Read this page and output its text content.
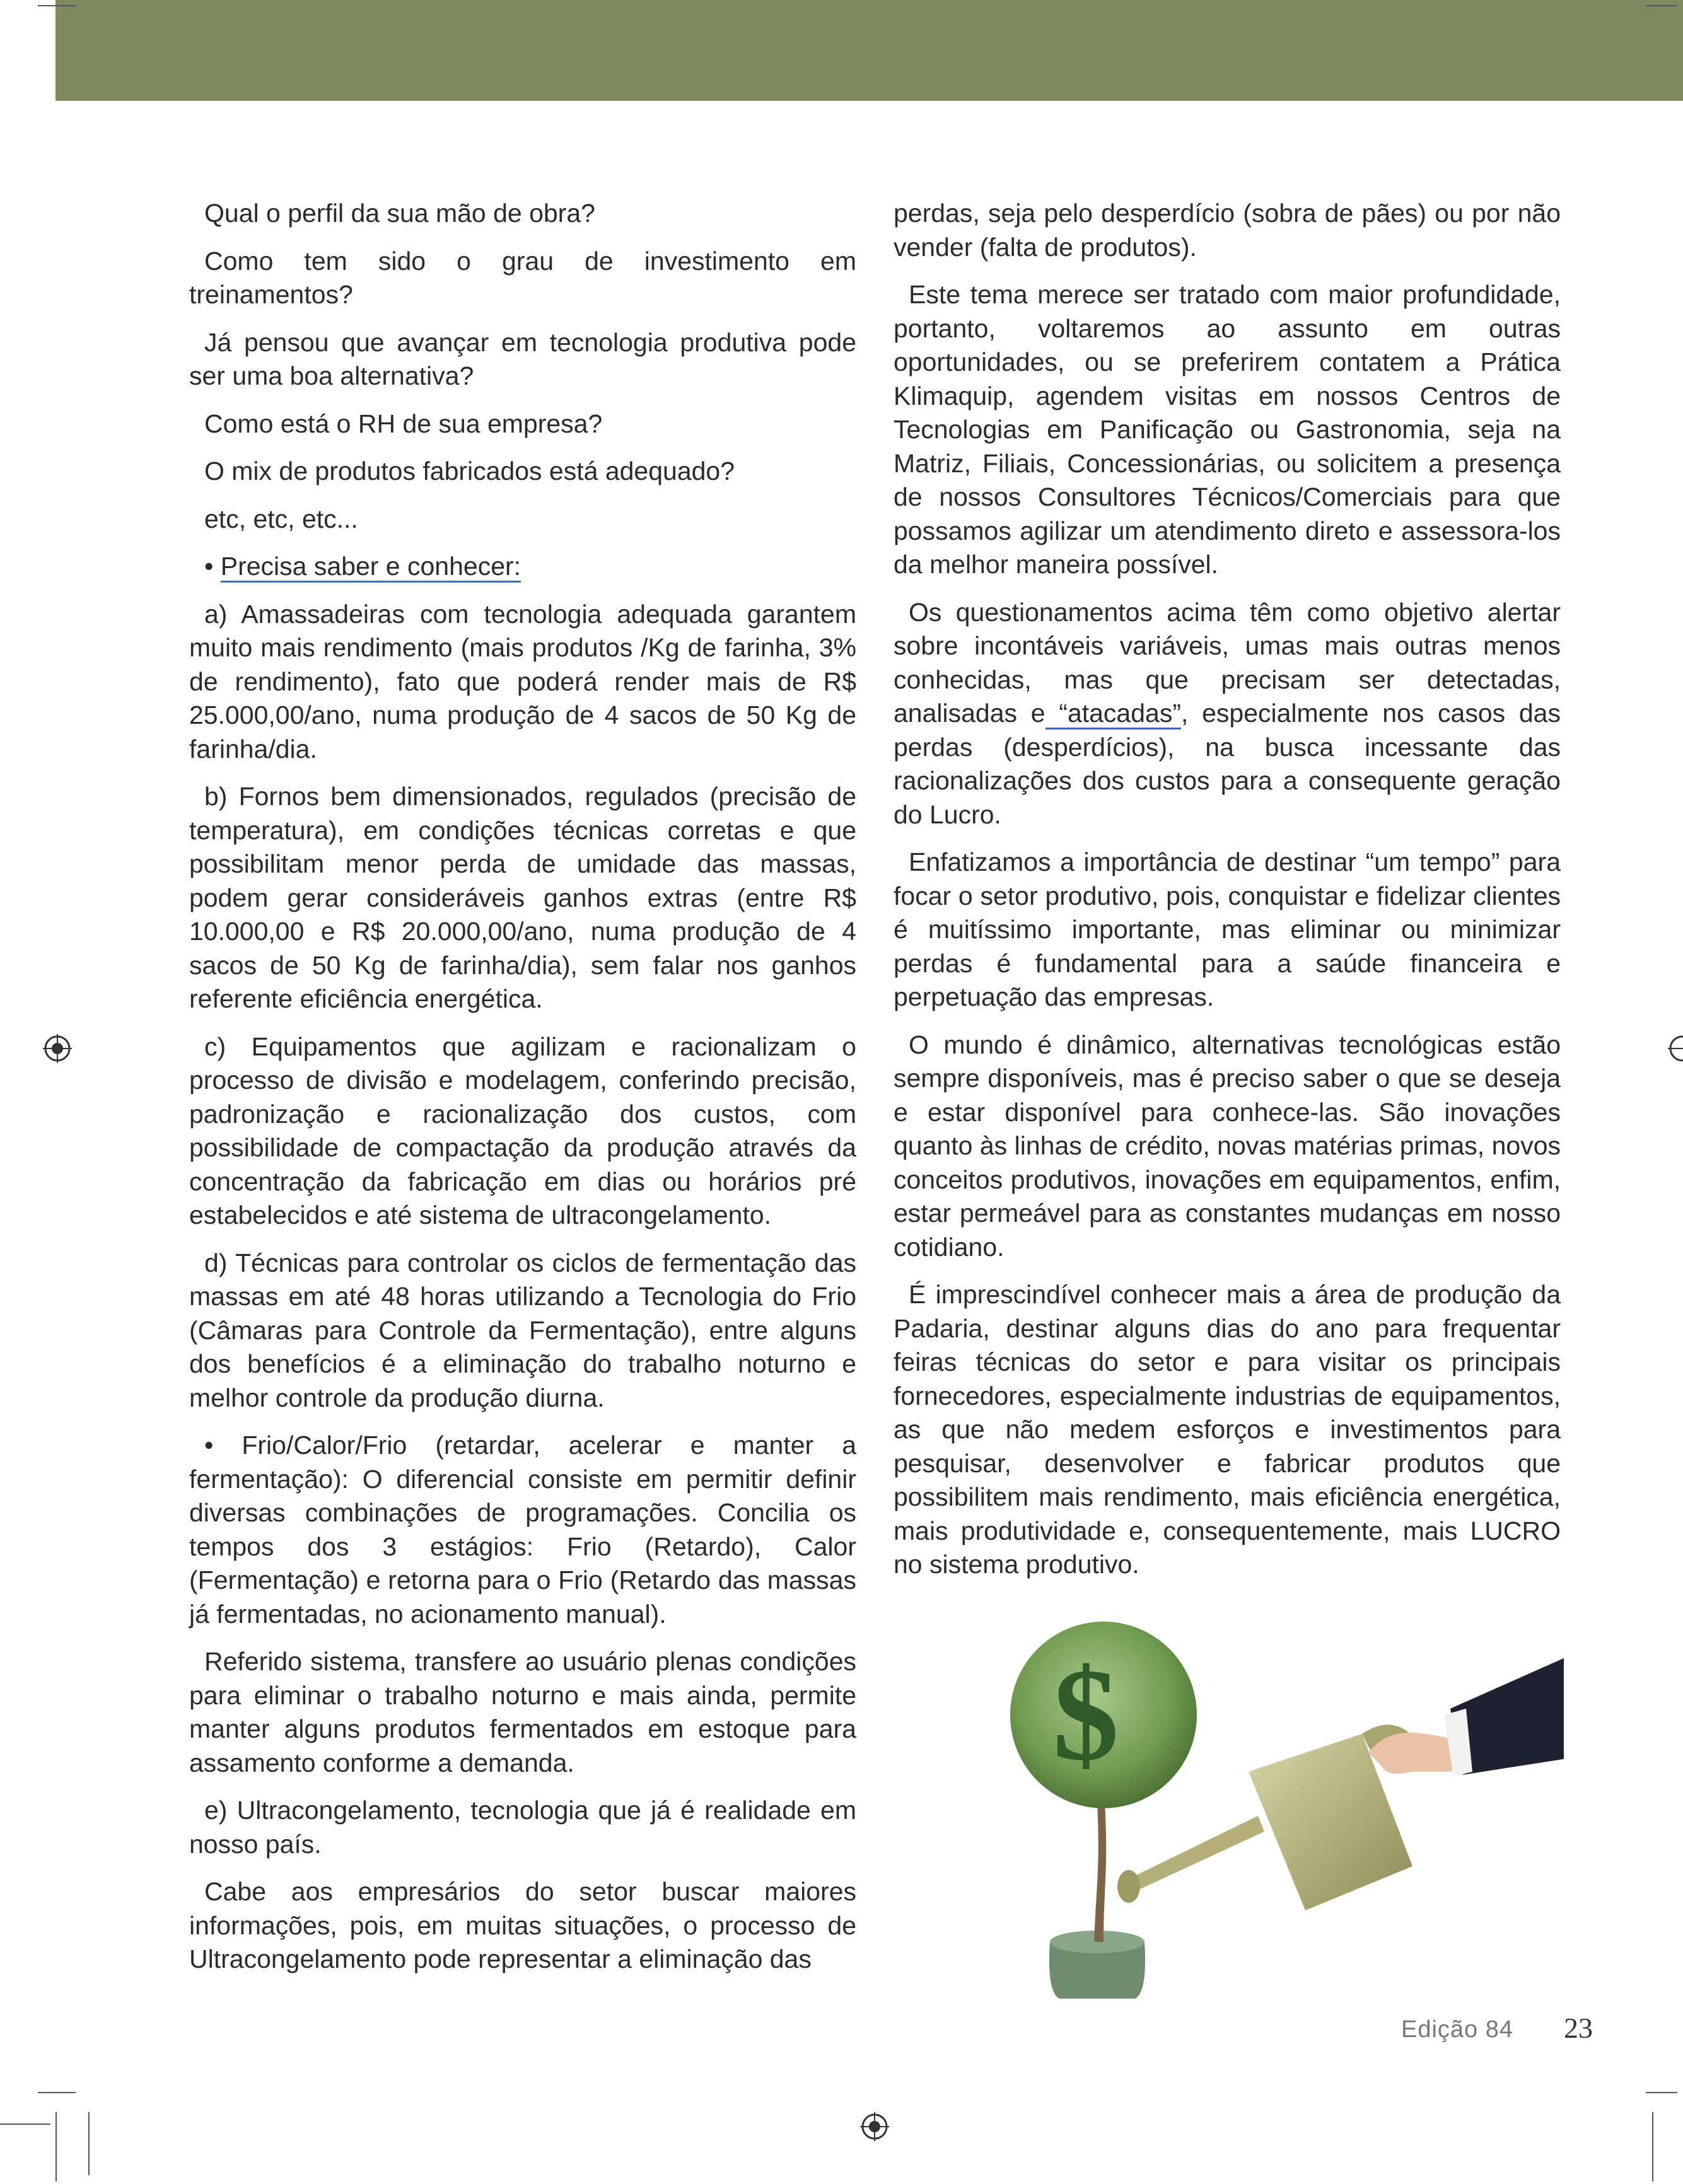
Qual o perfil da sua mão de obra?

Como tem sido o grau de investimento em treinamentos?

Já pensou que avançar em tecnologia produtiva pode ser uma boa alternativa?

Como está o RH de sua empresa?

O mix de produtos fabricados está adequado?

etc, etc, etc...

• Precisa saber e conhecer:

a) Amassadeiras com tecnologia adequada garantem muito mais rendimento (mais produtos /Kg de farinha, 3% de rendimento), fato que poderá render mais de R$ 25.000,00/ano, numa produção de 4 sacos de 50 Kg de farinha/dia.

b) Fornos bem dimensionados, regulados (precisão de temperatura), em condições técnicas corretas e que possibilitam menor perda de umidade das massas, podem gerar consideráveis ganhos extras (entre R$ 10.000,00 e R$ 20.000,00/ano, numa produção de 4 sacos de 50 Kg de farinha/dia), sem falar nos ganhos referente eficiência energética.

c) Equipamentos que agilizam e racionalizam o processo de divisão e modelagem, conferindo precisão, padronização e racionalização dos custos, com possibilidade de compactação da produção através da concentração da fabricação em dias ou horários pré estabelecidos e até sistema de ultracongelamento.

d) Técnicas para controlar os ciclos de fermentação das massas em até 48 horas utilizando a Tecnologia do Frio (Câmaras para Controle da Fermentação), entre alguns dos benefícios é a eliminação do trabalho noturno e melhor controle da produção diurna.

• Frio/Calor/Frio (retardar, acelerar e manter a fermentação): O diferencial consiste em permitir definir diversas combinações de programações. Concilia os tempos dos 3 estágios: Frio (Retardo), Calor (Fermentação) e retorna para o Frio (Retardo das massas já fermentadas, no acionamento manual).

Referido sistema, transfere ao usuário plenas condições para eliminar o trabalho noturno e mais ainda, permite manter alguns produtos fermentados em estoque para assamento conforme a demanda.

e) Ultracongelamento, tecnologia que já é realidade em nosso país.

Cabe aos empresários do setor buscar maiores informações, pois, em muitas situações, o processo de Ultracongelamento pode representar a eliminação das

perdas, seja pelo desperdício (sobra de pães) ou por não vender (falta de produtos).

Este tema merece ser tratado com maior profundidade, portanto, voltaremos ao assunto em outras oportunidades, ou se preferirem contatem a Prática Klimaquip, agendem visitas em nossos Centros de Tecnologias em Panificação ou Gastronomia, seja na Matriz, Filiais, Concessionárias, ou solicitem a presença de nossos Consultores Técnicos/Comerciais para que possamos agilizar um atendimento direto e assessora-los da melhor maneira possível.

Os questionamentos acima têm como objetivo alertar sobre incontáveis variáveis, umas mais outras menos conhecidas, mas que precisam ser detectadas, analisadas e “atacadas”, especialmente nos casos das perdas (desperdícios), na busca incessante das racionalizações dos custos para a consequente geração do Lucro.

Enfatizamos a importância de destinar “um tempo” para focar o setor produtivo, pois, conquistar e fidelizar clientes é muitíssimo importante, mas eliminar ou minimizar perdas é fundamental para a saúde financeira e perpetuação das empresas.

O mundo é dinâmico, alternativas tecnológicas estão sempre disponíveis, mas é preciso saber o que se deseja e estar disponível para conhece-las. São inovações quanto às linhas de crédito, novas matérias primas, novos conceitos produtivos, inovações em equipamentos, enfim, estar permeável para as constantes mudanças em nosso cotidiano.

É imprescindível conhecer mais a área de produção da Padaria, destinar alguns dias do ano para frequentar feiras técnicas do setor e para visitar os principais fornecedores, especialmente industrias de equipamentos, as que não medem esforços e investimentos para pesquisar, desenvolver e fabricar produtos que possibilitem mais rendimento, mais eficiência energética, mais produtividade e, consequentemente, mais LUCRO no sistema produtivo.

$
Edição 84 23
